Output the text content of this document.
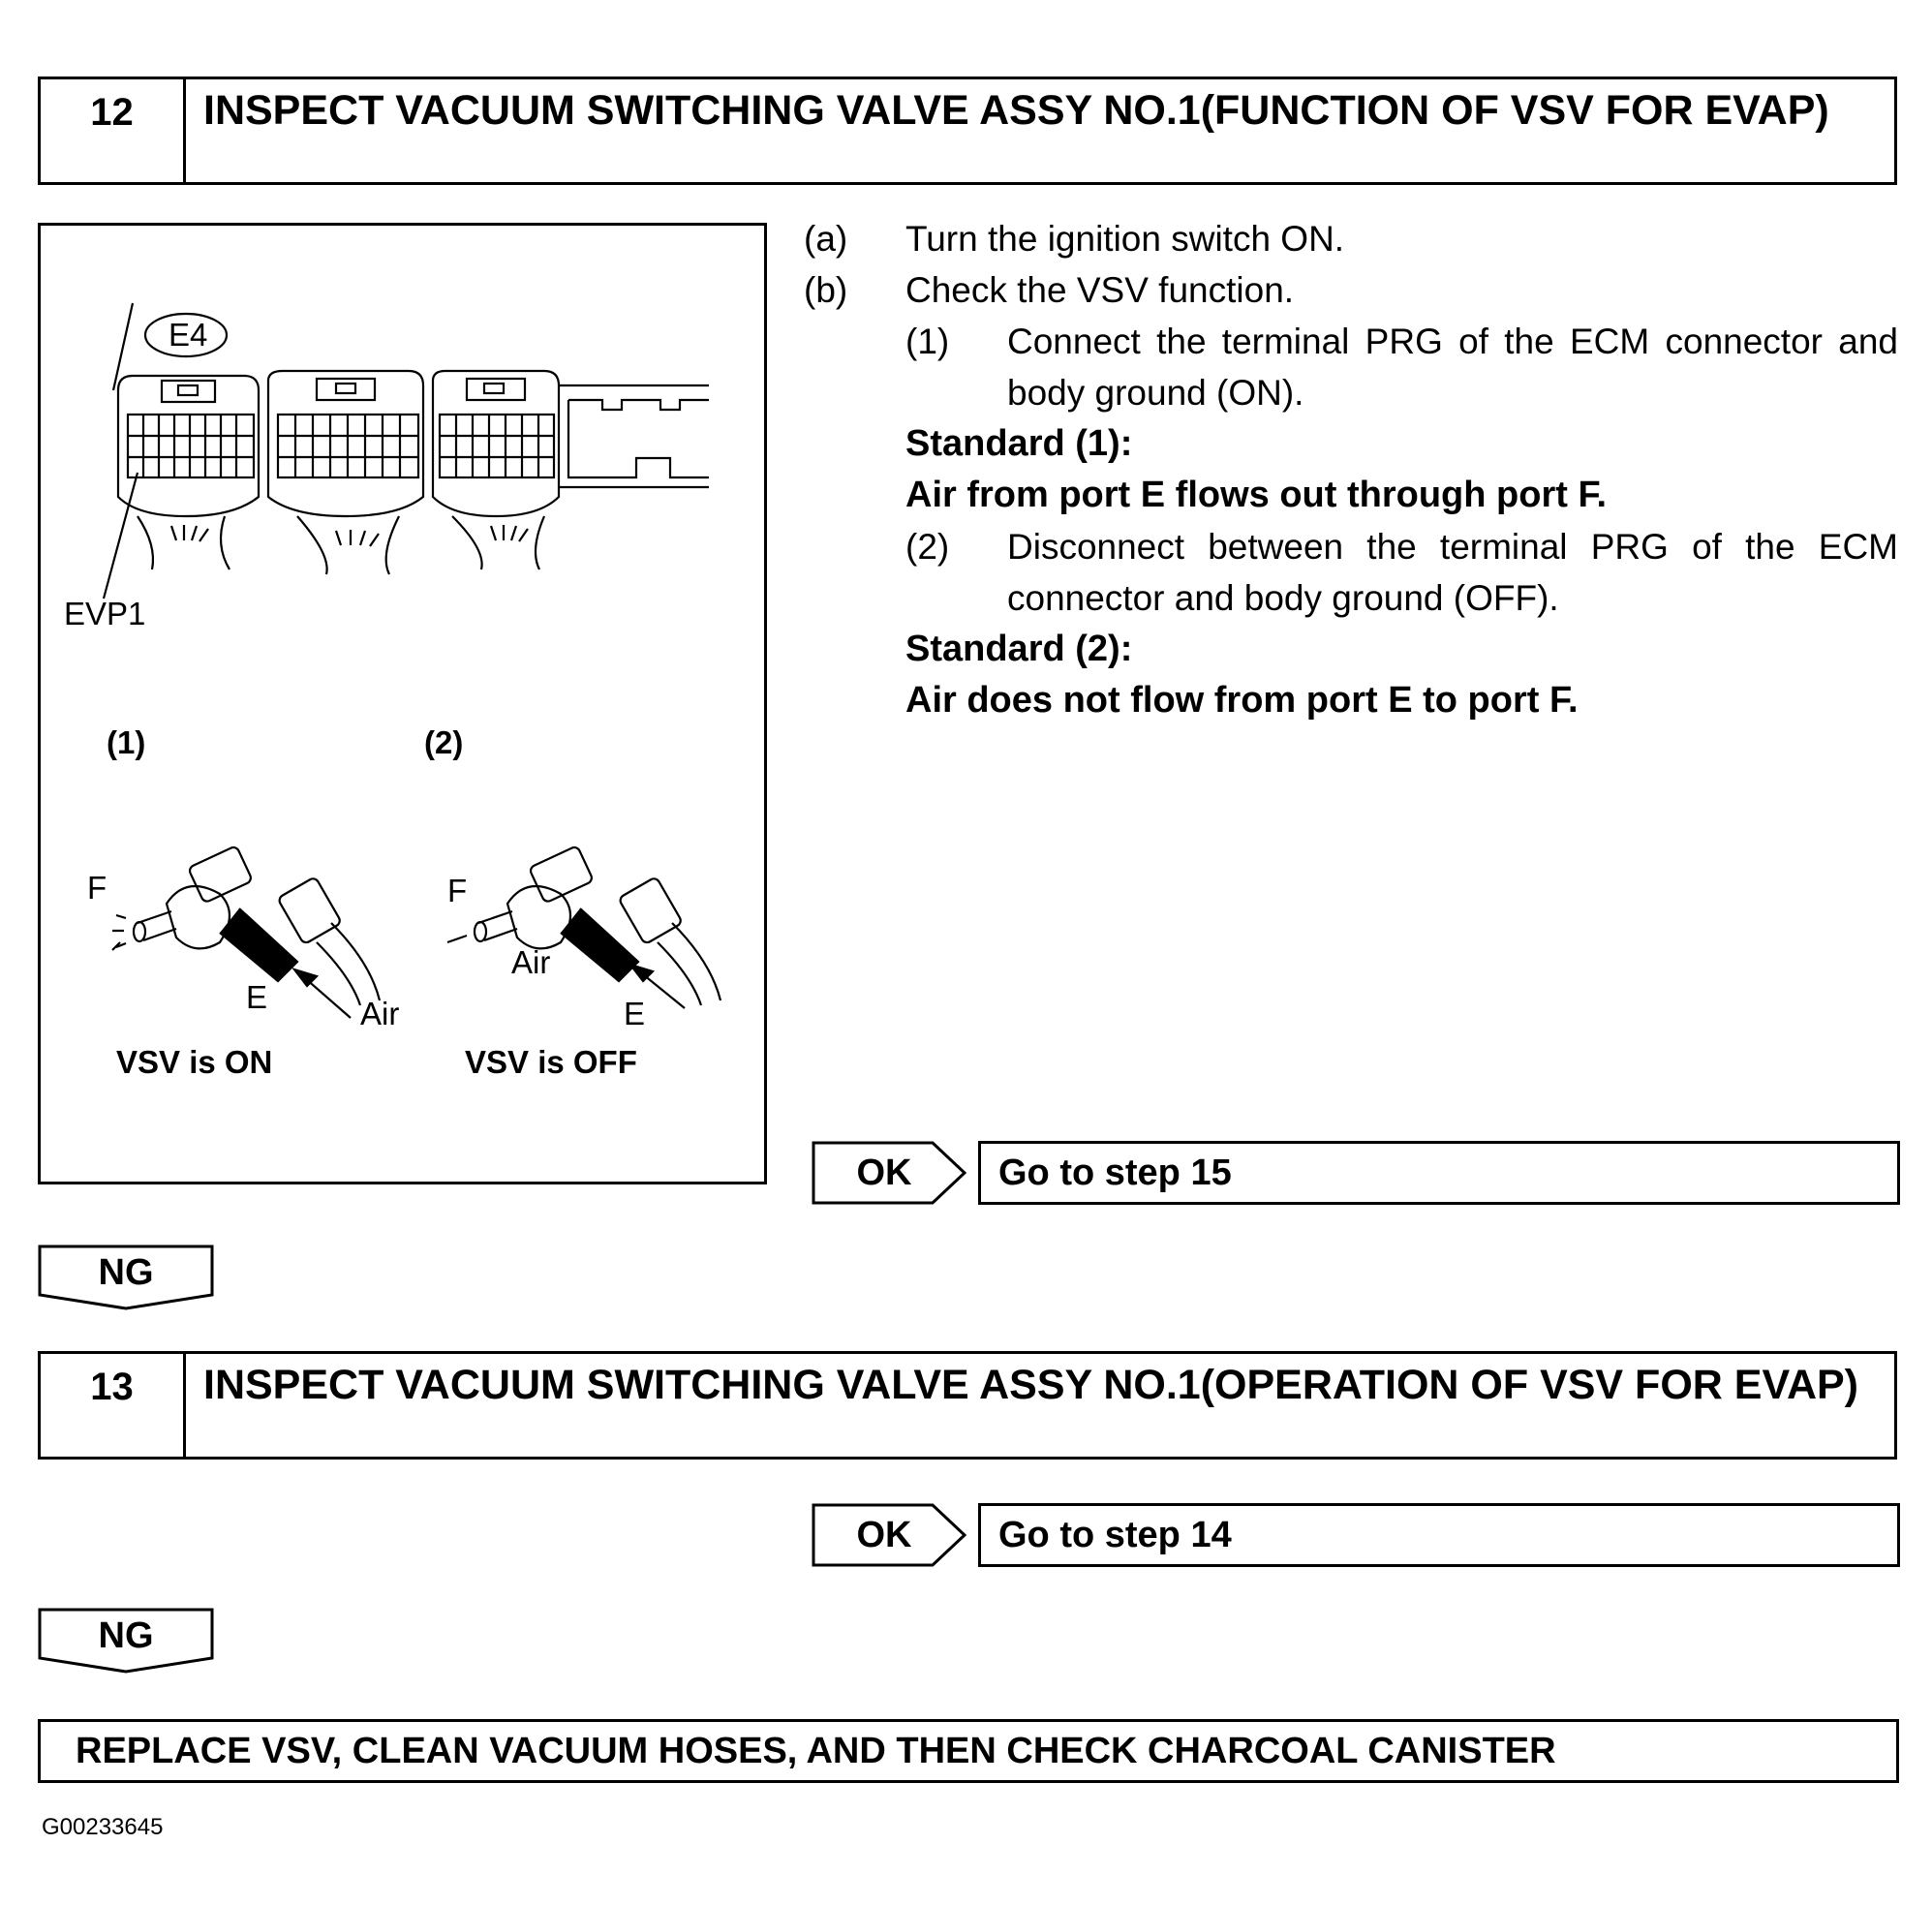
12	INSPECT VACUUM SWITCHING VALVE ASSY NO.1(FUNCTION OF VSV FOR EVAP)
E4
EVP1
(1)	(2)
F
E	Air
VSV is ON
F
Air
E
VSV is OFF
(a) Turn the ignition switch ON.
(b) Check the VSV function.
(1) Connect the terminal PRG of the ECM connector and body ground (ON).
Standard (1):
Air from port E flows out through port F.
(2) Disconnect between the terminal PRG of the ECM connector and body ground (OFF).
Standard (2):
Air does not flow from port E to port F.
OK	Go to step 15
NG
13	INSPECT VACUUM SWITCHING VALVE ASSY NO.1(OPERATION OF VSV FOR EVAP)
OK	Go to step 14
NG
REPLACE VSV, CLEAN VACUUM HOSES, AND THEN CHECK CHARCOAL CANISTER
G00233645
